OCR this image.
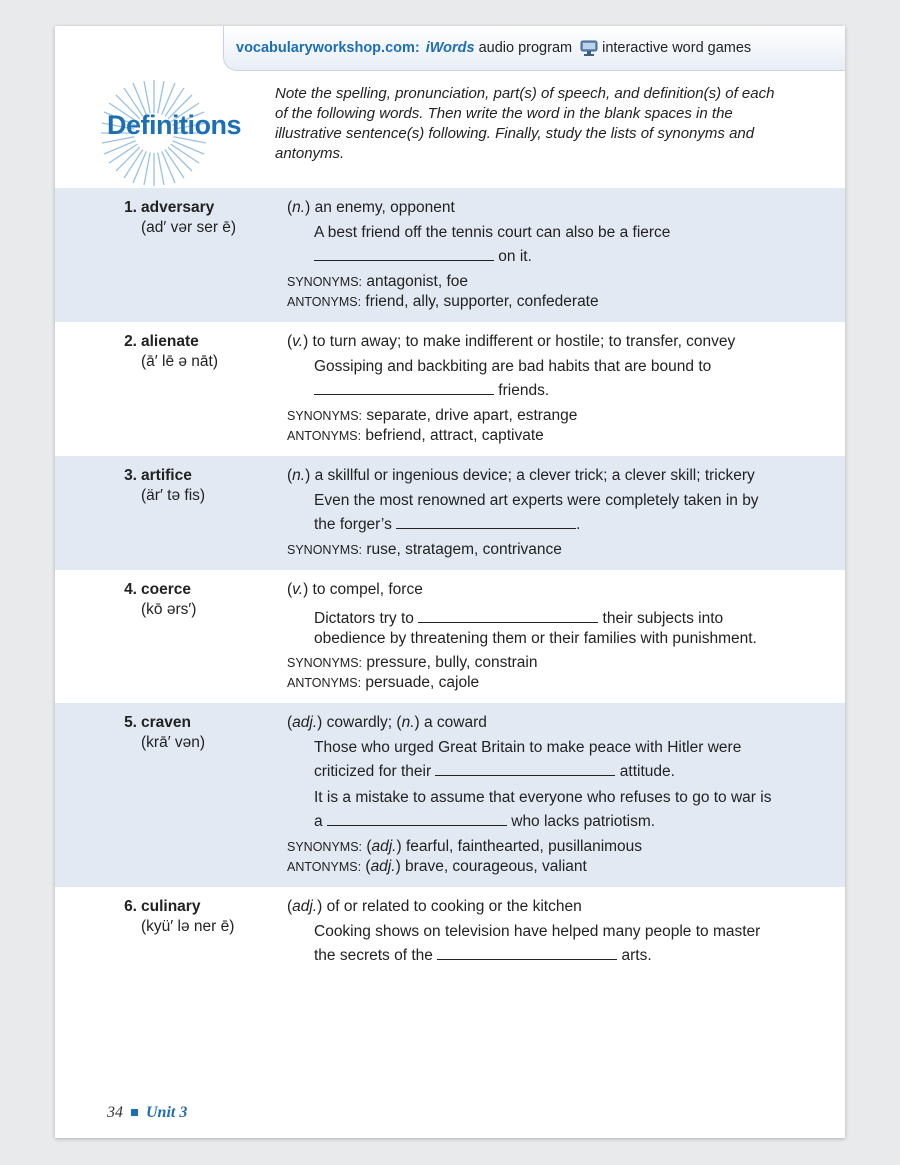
vocabularyworkshop.com: iWords audio program interactive word games
Definitions
Note the spelling, pronunciation, part(s) of speech, and definition(s) of each of the following words. Then write the word in the blank spaces in the illustrative sentence(s) following. Finally, study the lists of synonyms and antonyms.
1. adversary
(ad′ vər ser ē)
(n.) an enemy, opponent
A best friend off the tennis court can also be a fierce  on it.
SYNONYMS: antagonist, foe
ANTONYMS: friend, ally, supporter, confederate
2. alienate
(ā′ lē ə nāt)
(v.) to turn away; to make indifferent or hostile; to transfer, convey
Gossiping and backbiting are bad habits that are bound to  friends.
SYNONYMS: separate, drive apart, estrange
ANTONYMS: befriend, attract, captivate
3. artifice
(är′ tə fis)
(n.) a skillful or ingenious device; a clever trick; a clever skill; trickery
Even the most renowned art experts were completely taken in by the forger’s	.
SYNONYMS: ruse, stratagem, contrivance
4. coerce
(kō ərs′)
(v.) to compel, force
Dictators try to	their subjects into obedience by threatening them or their families with punishment.
SYNONYMS: pressure, bully, constrain
ANTONYMS: persuade, cajole
5. craven
(krā′ vən)
(adj.) cowardly; (n.) a coward
Those who urged Great Britain to make peace with Hitler were criticized for their	attitude.
It is a mistake to assume that everyone who refuses to go to war is a	who lacks patriotism.
SYNONYMS: (adj.) fearful, fainthearted, pusillanimous
ANTONYMS: (adj.) brave, courageous, valiant
6. culinary
(kyü′ lə ner ē)
(adj.) of or related to cooking or the kitchen
Cooking shows on television have helped many people to master the secrets of the	arts.
34 Unit 3
